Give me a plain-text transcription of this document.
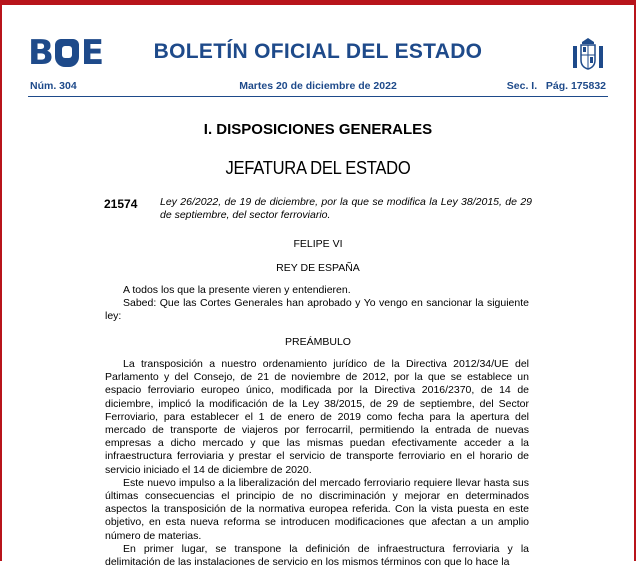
B E	BOLETÍN OFICIAL DEL ESTADO
Núm. 304	Martes 20 de diciembre de 2022	Sec. I.   Pág. 175832
I. DISPOSICIONES GENERALES
JEFATURA DEL ESTADO
21574 Ley 26/2022, de 19 de diciembre, por la que se modifica la Ley 38/2015, de 29 de septiembre, del sector ferroviario.
FELIPE VI
REY DE ESPAÑA

A todos los que la presente vieren y entendieren.

Sabed: Que las Cortes Generales han aprobado y Yo vengo en sancionar la siguiente ley:

PREÁMBULO

La transposición a nuestro ordenamiento jurídico de la Directiva 2012/34/UE del Parlamento y del Consejo, de 21 de noviembre de 2012, por la que se establece un espacio ferroviario europeo único, modificada por la Directiva 2016/2370, de 14 de diciembre, implicó la modificación de la Ley 38/2015, de 29 de septiembre, del Sector Ferroviario, para establecer el 1 de enero de 2019 como fecha para la apertura del mercado de transporte de viajeros por ferrocarril, permitiendo la entrada de nuevas empresas a dicho mercado y que las mismas puedan efectivamente acceder a la infraestructura ferroviaria y prestar el servicio de transporte ferroviario en el horario de servicio iniciado el 14 de diciembre de 2020.

Este nuevo impulso a la liberalización del mercado ferroviario requiere llevar hasta sus últimas consecuencias el principio de no discriminación y mejorar en determinados aspectos la transposición de la normativa europea referida. Con la vista puesta en este objetivo, en esta nueva reforma se introducen modificaciones que afectan a un amplio número de materias.

En primer lugar, se transpone la definición de infraestructura ferroviaria y la delimitación de las instalaciones de servicio en los mismos términos con que lo hace la
